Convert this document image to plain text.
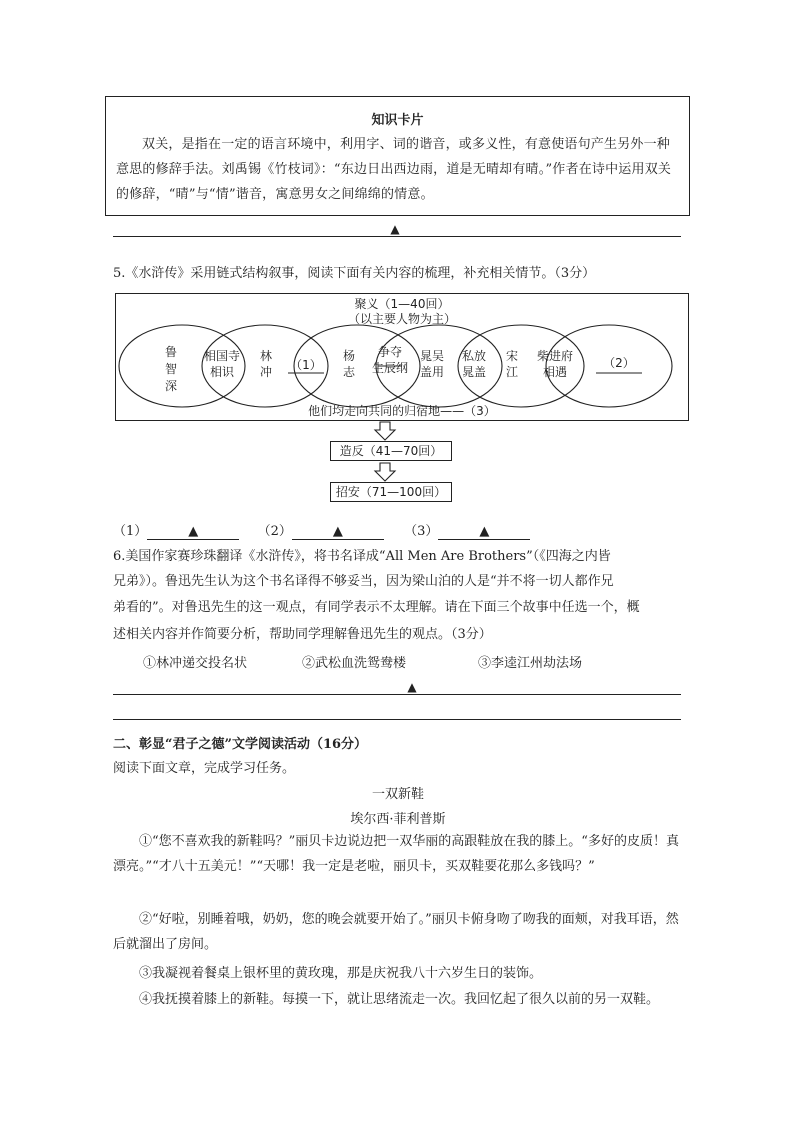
知识卡片
双关，是指在一定的语言环境中，利用字、词的谐音，或多义性，有意使语句产生另外一种意思的修辞手法。刘禹锡《竹枝词》：“东边日出西边雨，道是无晴却有晴。”作者在诗中运用双关的修辞，“晴”与“情”谐音，寓意男女之间绵绵的情意。
▲
5.《水浒传》采用链式结构叙事，阅读下面有关内容的梳理，补充相关情节。（3分）
聚义（1—40回）
（以主要人物为主）
鲁
智
深
相国寺
相识
林
冲 （1）
杨
志
争夺
生辰纲
晁吴
盖用
私放
晁盖
宋
江
柴进府
相遇
（2）
他们均走向共同的归宿地——（3）
造反（41—70回）
招安（71—100回）
（1）	▲	（2）	▲	（3）	▲
6.美国作家赛珍珠翻译《水浒传》，将书名译成“All Men Are Brothers”（《四海之内皆
兄弟》）。鲁迅先生认为这个书名译得不够妥当，因为梁山泊的人是“并不将一切人都作兄
弟看的”。对鲁迅先生的这一观点，有同学表示不太理解。请在下面三个故事中任选一个，概
述相关内容并作简要分析，帮助同学理解鲁迅先生的观点。（3分）
①林冲递交投名状	②武松血洗鸳鸯楼	③李逵江州劫法场
▲
二、彰显“君子之德”文学阅读活动（16分）
阅读下面文章，完成学习任务。
一双新鞋
埃尔西·菲利普斯
①“您不喜欢我的新鞋吗？”丽贝卡边说边把一双华丽的高跟鞋放在我的膝上。“多好的皮质！真漂亮。”“才八十五美元！”“天哪！我一定是老啦，丽贝卡，买双鞋要花那么多钱吗？”
②“好啦，别睡着哦，奶奶，您的晚会就要开始了。”丽贝卡俯身吻了吻我的面颊，对我耳语，然后就溜出了房间。
③我凝视着餐桌上银杯里的黄玫瑰，那是庆祝我八十六岁生日的装饰。
④我抚摸着膝上的新鞋。每摸一下，就让思绪流走一次。我回忆起了很久以前的另一双鞋。
